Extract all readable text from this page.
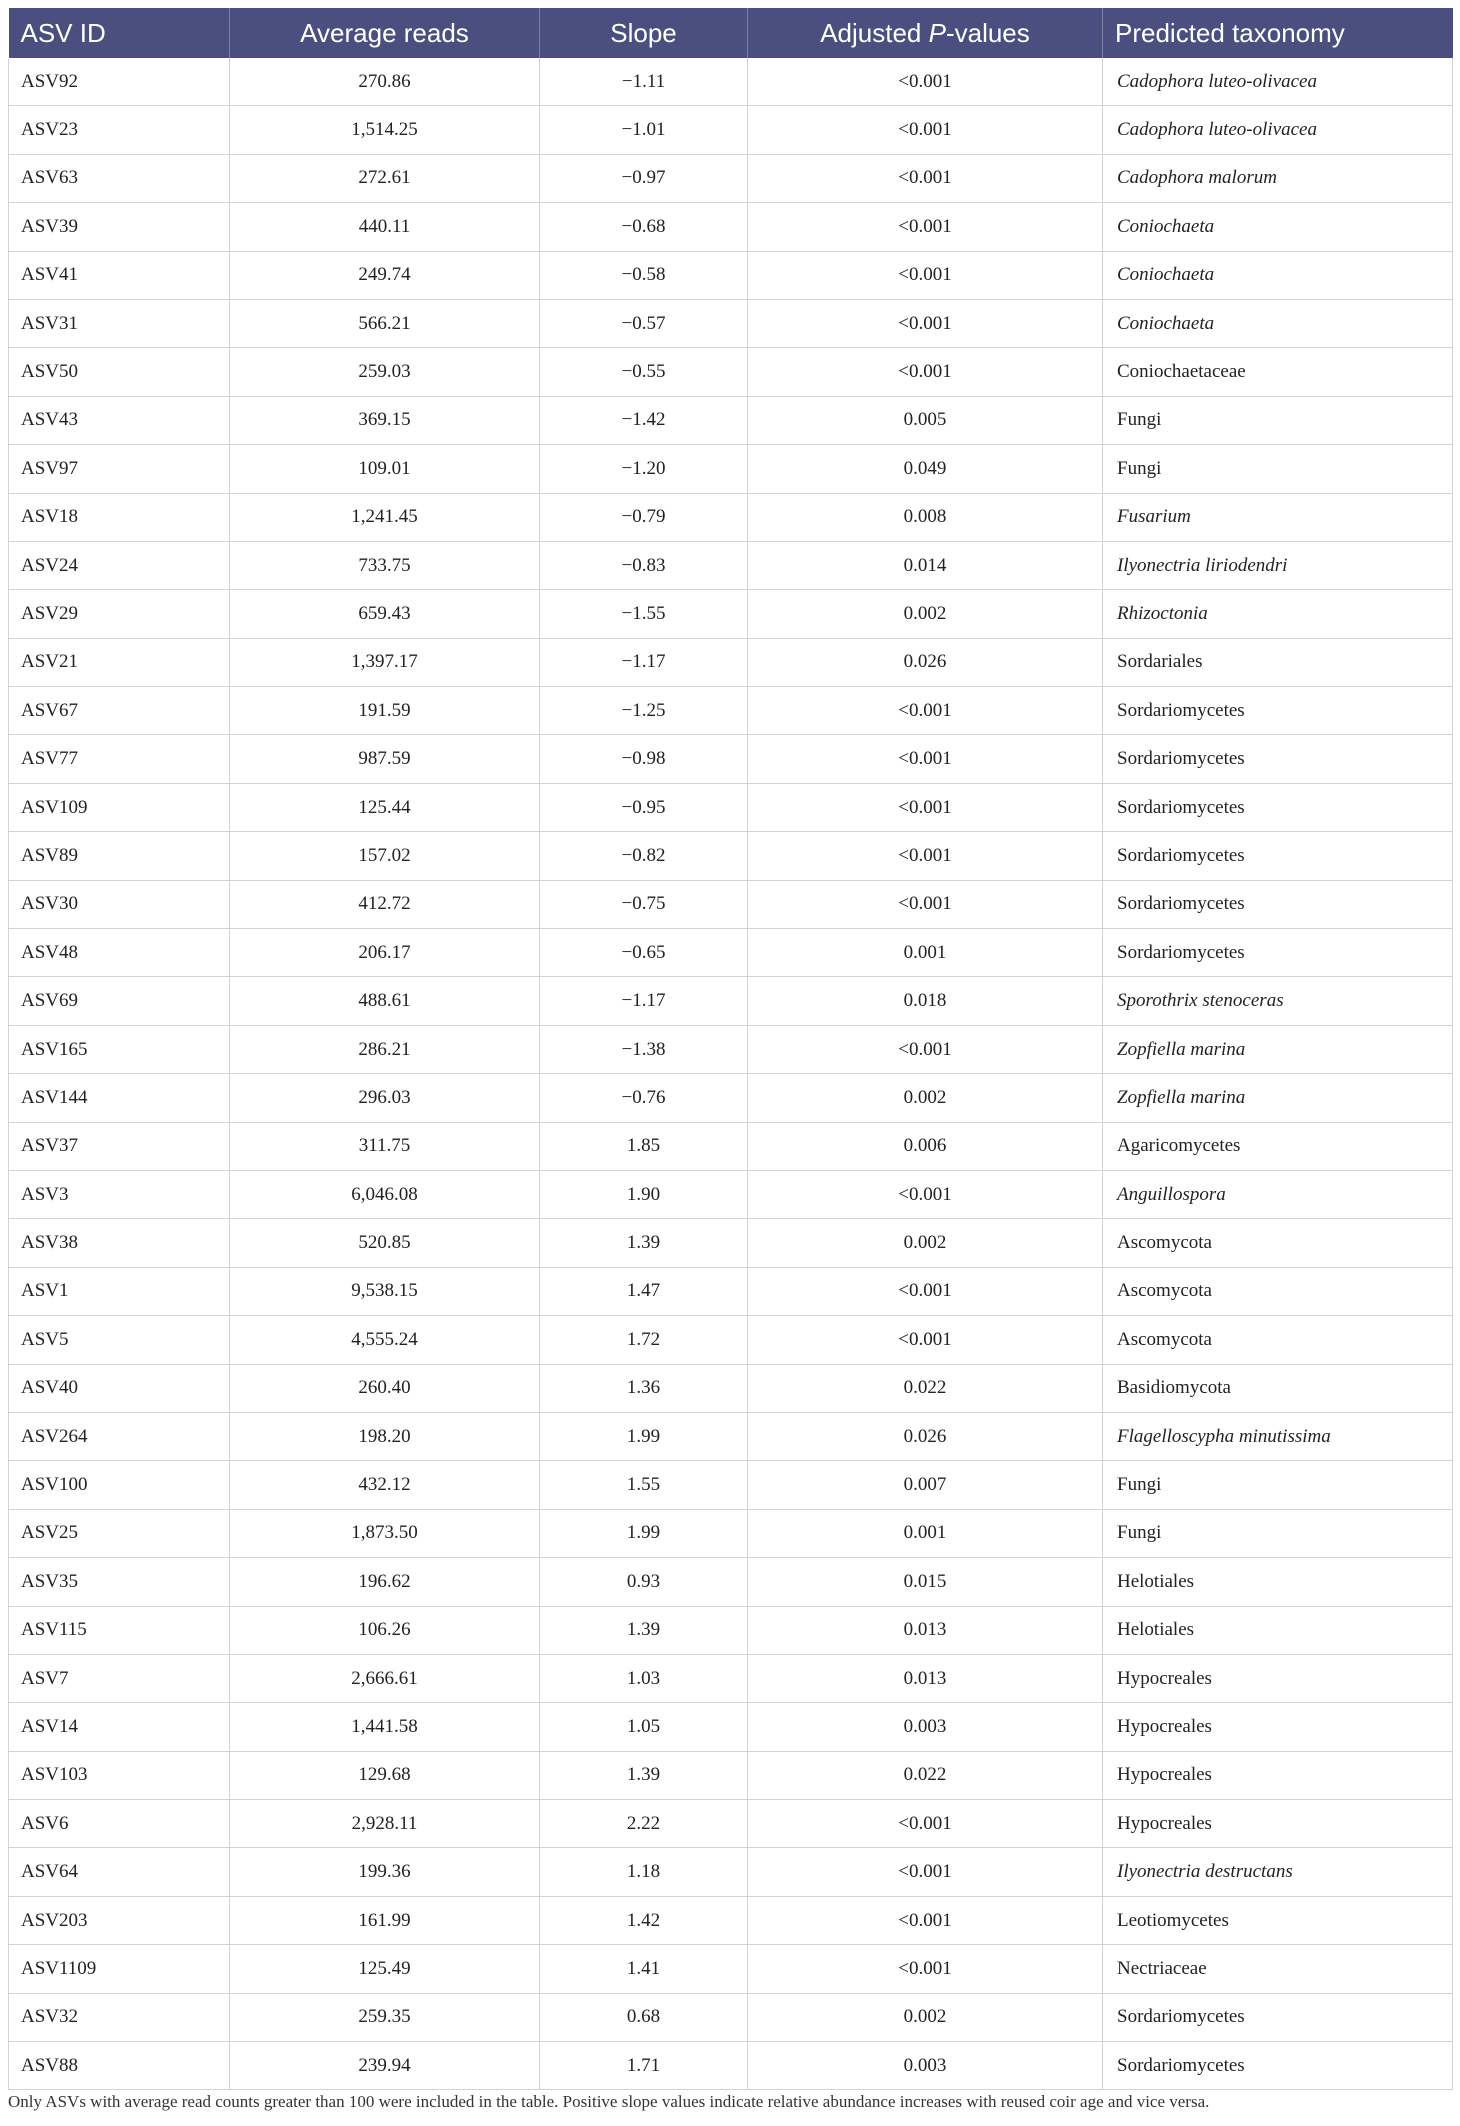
ASV ID	Average reads	Slope	Adjusted P-values	Predicted taxonomy
ASV92	270.86	−1.11	<0.001	Cadophora luteo-olivacea
ASV23	1,514.25	−1.01	<0.001	Cadophora luteo-olivacea
ASV63	272.61	−0.97	<0.001	Cadophora malorum
ASV39	440.11	−0.68	<0.001	Coniochaeta
ASV41	249.74	−0.58	<0.001	Coniochaeta
ASV31	566.21	−0.57	<0.001	Coniochaeta
ASV50	259.03	−0.55	<0.001	Coniochaetaceae
ASV43	369.15	−1.42	0.005	Fungi
ASV97	109.01	−1.20	0.049	Fungi
ASV18	1,241.45	−0.79	0.008	Fusarium
ASV24	733.75	−0.83	0.014	Ilyonectria liriodendri
ASV29	659.43	−1.55	0.002	Rhizoctonia
ASV21	1,397.17	−1.17	0.026	Sordariales
ASV67	191.59	−1.25	<0.001	Sordariomycetes
ASV77	987.59	−0.98	<0.001	Sordariomycetes
ASV109	125.44	−0.95	<0.001	Sordariomycetes
ASV89	157.02	−0.82	<0.001	Sordariomycetes
ASV30	412.72	−0.75	<0.001	Sordariomycetes
ASV48	206.17	−0.65	0.001	Sordariomycetes
ASV69	488.61	−1.17	0.018	Sporothrix stenoceras
ASV165	286.21	−1.38	<0.001	Zopfiella marina
ASV144	296.03	−0.76	0.002	Zopfiella marina
ASV37	311.75	1.85	0.006	Agaricomycetes
ASV3	6,046.08	1.90	<0.001	Anguillospora
ASV38	520.85	1.39	0.002	Ascomycota
ASV1	9,538.15	1.47	<0.001	Ascomycota
ASV5	4,555.24	1.72	<0.001	Ascomycota
ASV40	260.40	1.36	0.022	Basidiomycota
ASV264	198.20	1.99	0.026	Flagelloscypha minutissima
ASV100	432.12	1.55	0.007	Fungi
ASV25	1,873.50	1.99	0.001	Fungi
ASV35	196.62	0.93	0.015	Helotiales
ASV115	106.26	1.39	0.013	Helotiales
ASV7	2,666.61	1.03	0.013	Hypocreales
ASV14	1,441.58	1.05	0.003	Hypocreales
ASV103	129.68	1.39	0.022	Hypocreales
ASV6	2,928.11	2.22	<0.001	Hypocreales
ASV64	199.36	1.18	<0.001	Ilyonectria destructans
ASV203	161.99	1.42	<0.001	Leotiomycetes
ASV1109	125.49	1.41	<0.001	Nectriaceae
ASV32	259.35	0.68	0.002	Sordariomycetes
ASV88	239.94	1.71	0.003	Sordariomycetes
Only ASVs with average read counts greater than 100 were included in the table. Positive slope values indicate relative abundance increases with reused coir age and vice versa.
